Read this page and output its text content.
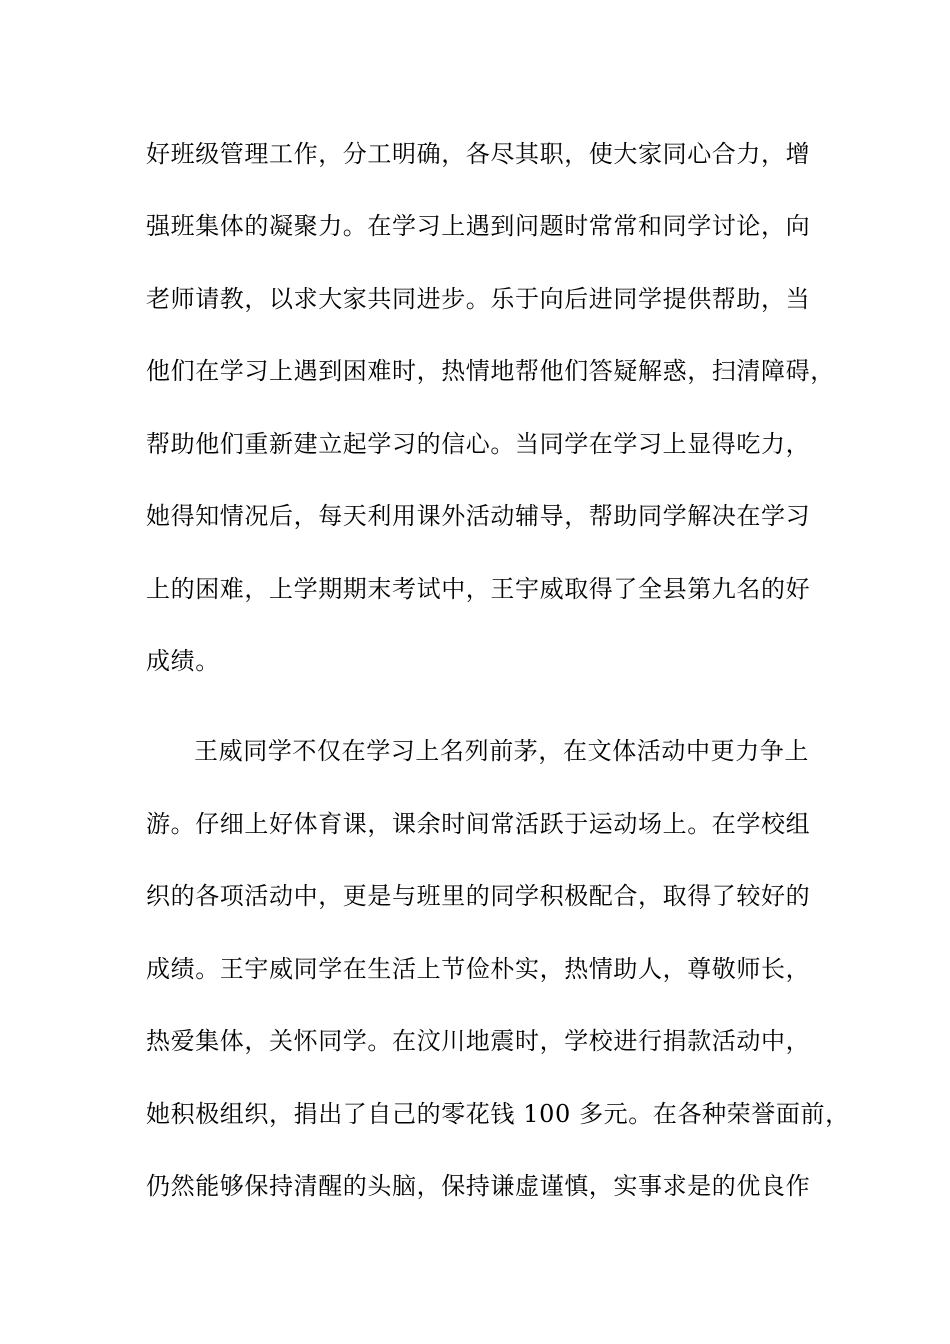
好班级管理工作，分工明确，各尽其职，使大家同心合力，增
强班集体的凝聚力。在学习上遇到问题时常常和同学讨论，向
老师请教，以求大家共同进步。乐于向后进同学提供帮助，当
他们在学习上遇到困难时，热情地帮他们答疑解惑，扫清障碍，
帮助他们重新建立起学习的信心。当同学在学习上显得吃力，
她得知情况后，每天利用课外活动辅导，帮助同学解决在学习
上的困难，上学期期末考试中，王宇威取得了全县第九名的好
成绩。
王威同学不仅在学习上名列前茅，在文体活动中更力争上
游。仔细上好体育课，课余时间常活跃于运动场上。在学校组
织的各项活动中，更是与班里的同学积极配合，取得了较好的
成绩。王宇威同学在生活上节俭朴实，热情助人，尊敬师长，
热爱集体，关怀同学。在汶川地震时，学校进行捐款活动中，
她积极组织，捐出了自己的零花钱 100 多元。在各种荣誉面前，
仍然能够保持清醒的头脑，保持谦虚谨慎，实事求是的优良作
